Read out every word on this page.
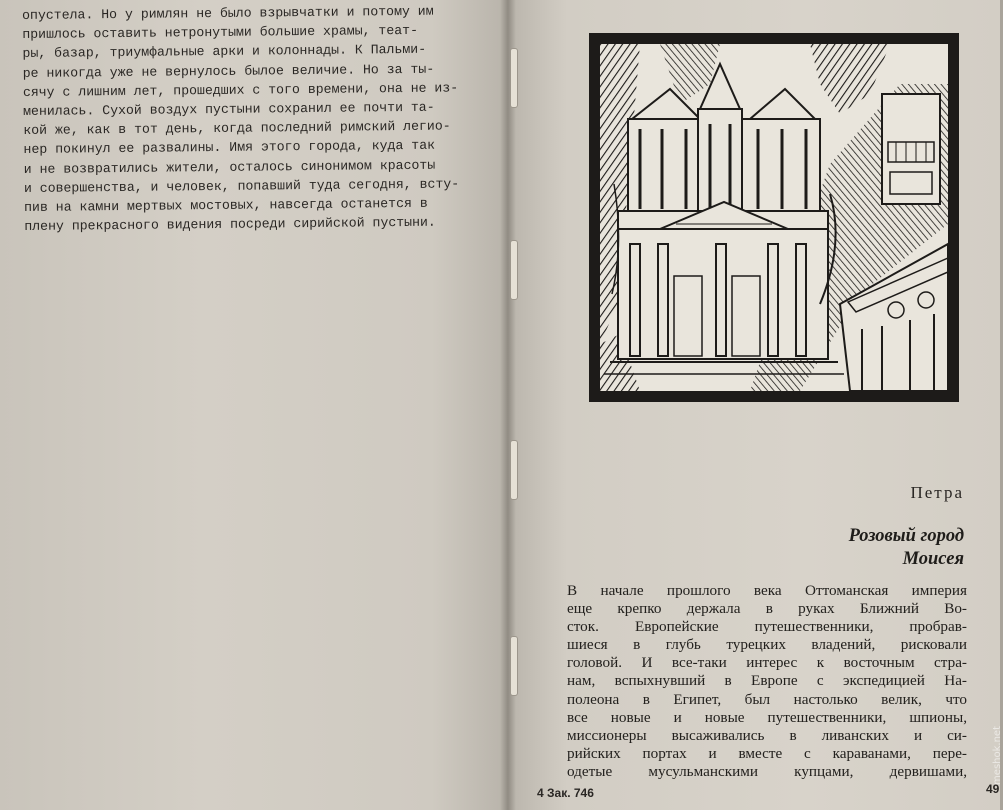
опустела. Но у римлян не было взрывчатки и потому им
пришлось оставить нетронутыми большие храмы, теат-
ры, базар, триумфальные арки и колоннады. К Пальми-
ре никогда уже не вернулось былое величие. Но за ты-
сячу с лишним лет, прошедших с того времени, она не из-
менилась. Сухой воздух пустыни сохранил ее почти та-
кой же, как в тот день, когда последний римский легио-
нер покинул ее развалины. Имя этого города, куда так
и не возвратились жители, осталось синонимом красоты
и совершенства, и человек, попавший туда сегодня, всту-
пив на камни мертвых мостовых, навсегда останется в
плену прекрасного видения посреди сирийской пустыни.
Петра
Розовый город
Моисея
В начале прошлого века Оттоманская империя
еще крепко держала в руках Ближний Во-
сток. Европейские путешественники, пробрав-
шиеся в глубь турецких владений, рисковали
головой. И все-таки интерес к восточным стра-
нам, вспыхнувший в Европе с экспедицией На-
полеона в Египет, был настолько велик, что
все новые и новые путешественники, шпионы,
миссионеры высаживались в ливанских и си-
рийских портах и вместе с караванами, пере-
одетые мусульманскими купцами, дервишами,
4 Зак. 746	49
meshok.net
